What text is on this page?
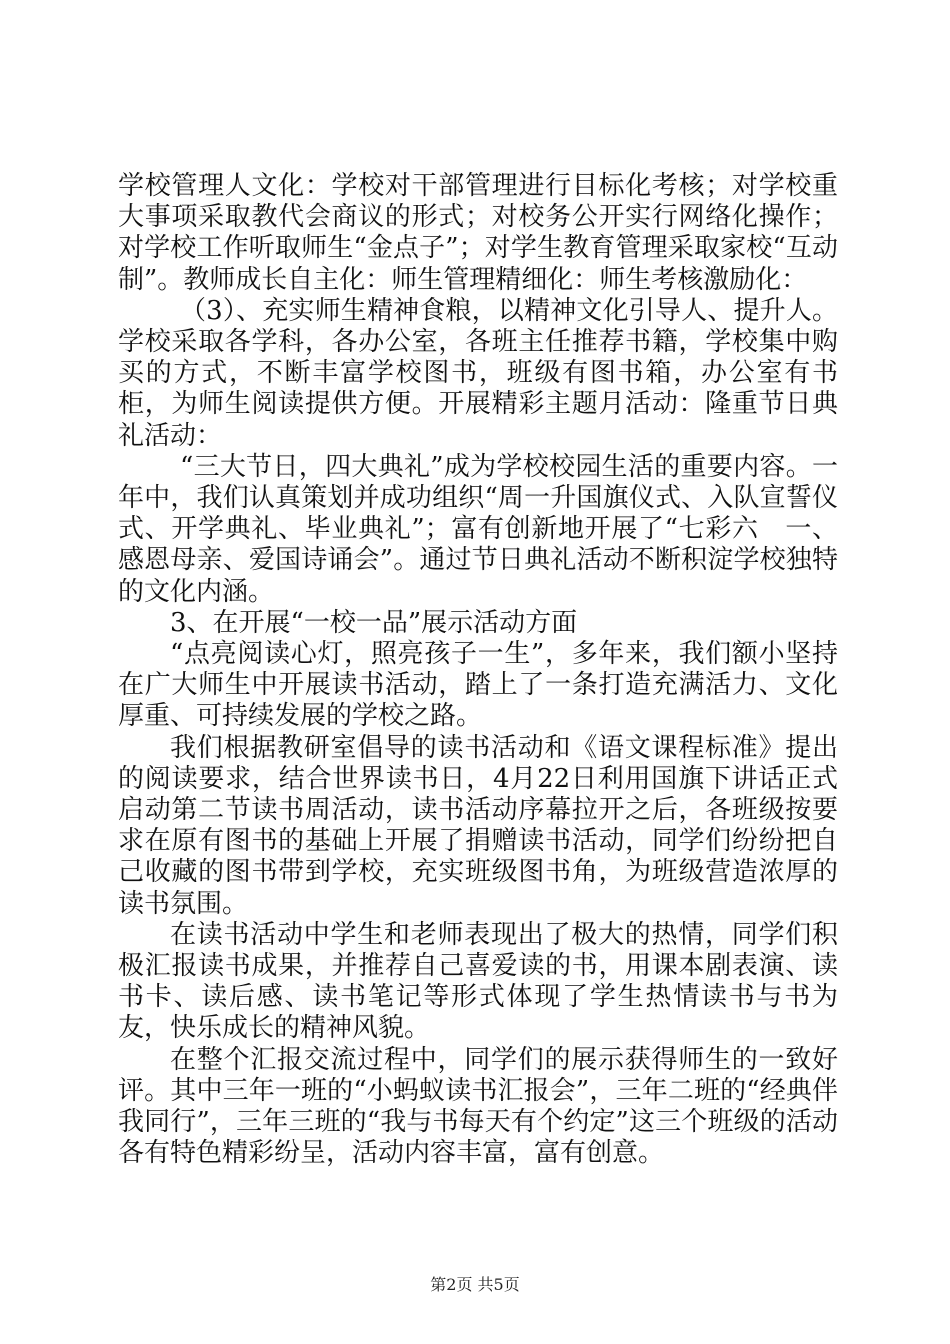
学校管理人文化：学校对干部管理进行目标化考核；对学校重大事项采取教代会商议的形式；对校务公开实行网络化操作；对学校工作听取师生“金点子”；对学生教育管理采取家校“互动制”。教师成长自主化：师生管理精细化：师生考核激励化：

（3）、充实师生精神食粮，以精神文化引导人、提升人。学校采取各学科，各办公室，各班主任推荐书籍，学校集中购买的方式，不断丰富学校图书，班级有图书箱，办公室有书柜，为师生阅读提供方便。开展精彩主题月活动：隆重节日典礼活动：

“三大节日，四大典礼”成为学校校园生活的重要内容。一年中，我们认真策划并成功组织“周一升国旗仪式、入队宣誓仪式、开学典礼、毕业典礼”；富有创新地开展了“七彩六　一、感恩母亲、爱国诗诵会”。通过节日典礼活动不断积淀学校独特的文化内涵。

3、在开展“一校一品”展示活动方面

“点亮阅读心灯，照亮孩子一生”，多年来，我们额小坚持在广大师生中开展读书活动，踏上了一条打造充满活力、文化厚重、可持续发展的学校之路。

我们根据教研室倡导的读书活动和《语文课程标准》提出的阅读要求，结合世界读书日，4月22日利用国旗下讲话正式启动第二节读书周活动，读书活动序幕拉开之后，各班级按要求在原有图书的基础上开展了捐赠读书活动，同学们纷纷把自己收藏的图书带到学校，充实班级图书角，为班级营造浓厚的读书氛围。

在读书活动中学生和老师表现出了极大的热情，同学们积极汇报读书成果，并推荐自己喜爱读的书，用课本剧表演、读书卡、读后感、读书笔记等形式体现了学生热情读书与书为友，快乐成长的精神风貌。

在整个汇报交流过程中，同学们的展示获得师生的一致好评。其中三年一班的“小蚂蚁读书汇报会”，三年二班的“经典伴我同行”，三年三班的“我与书每天有个约定”这三个班级的活动各有特色精彩纷呈，活动内容丰富，富有创意。

第2页 共5页
